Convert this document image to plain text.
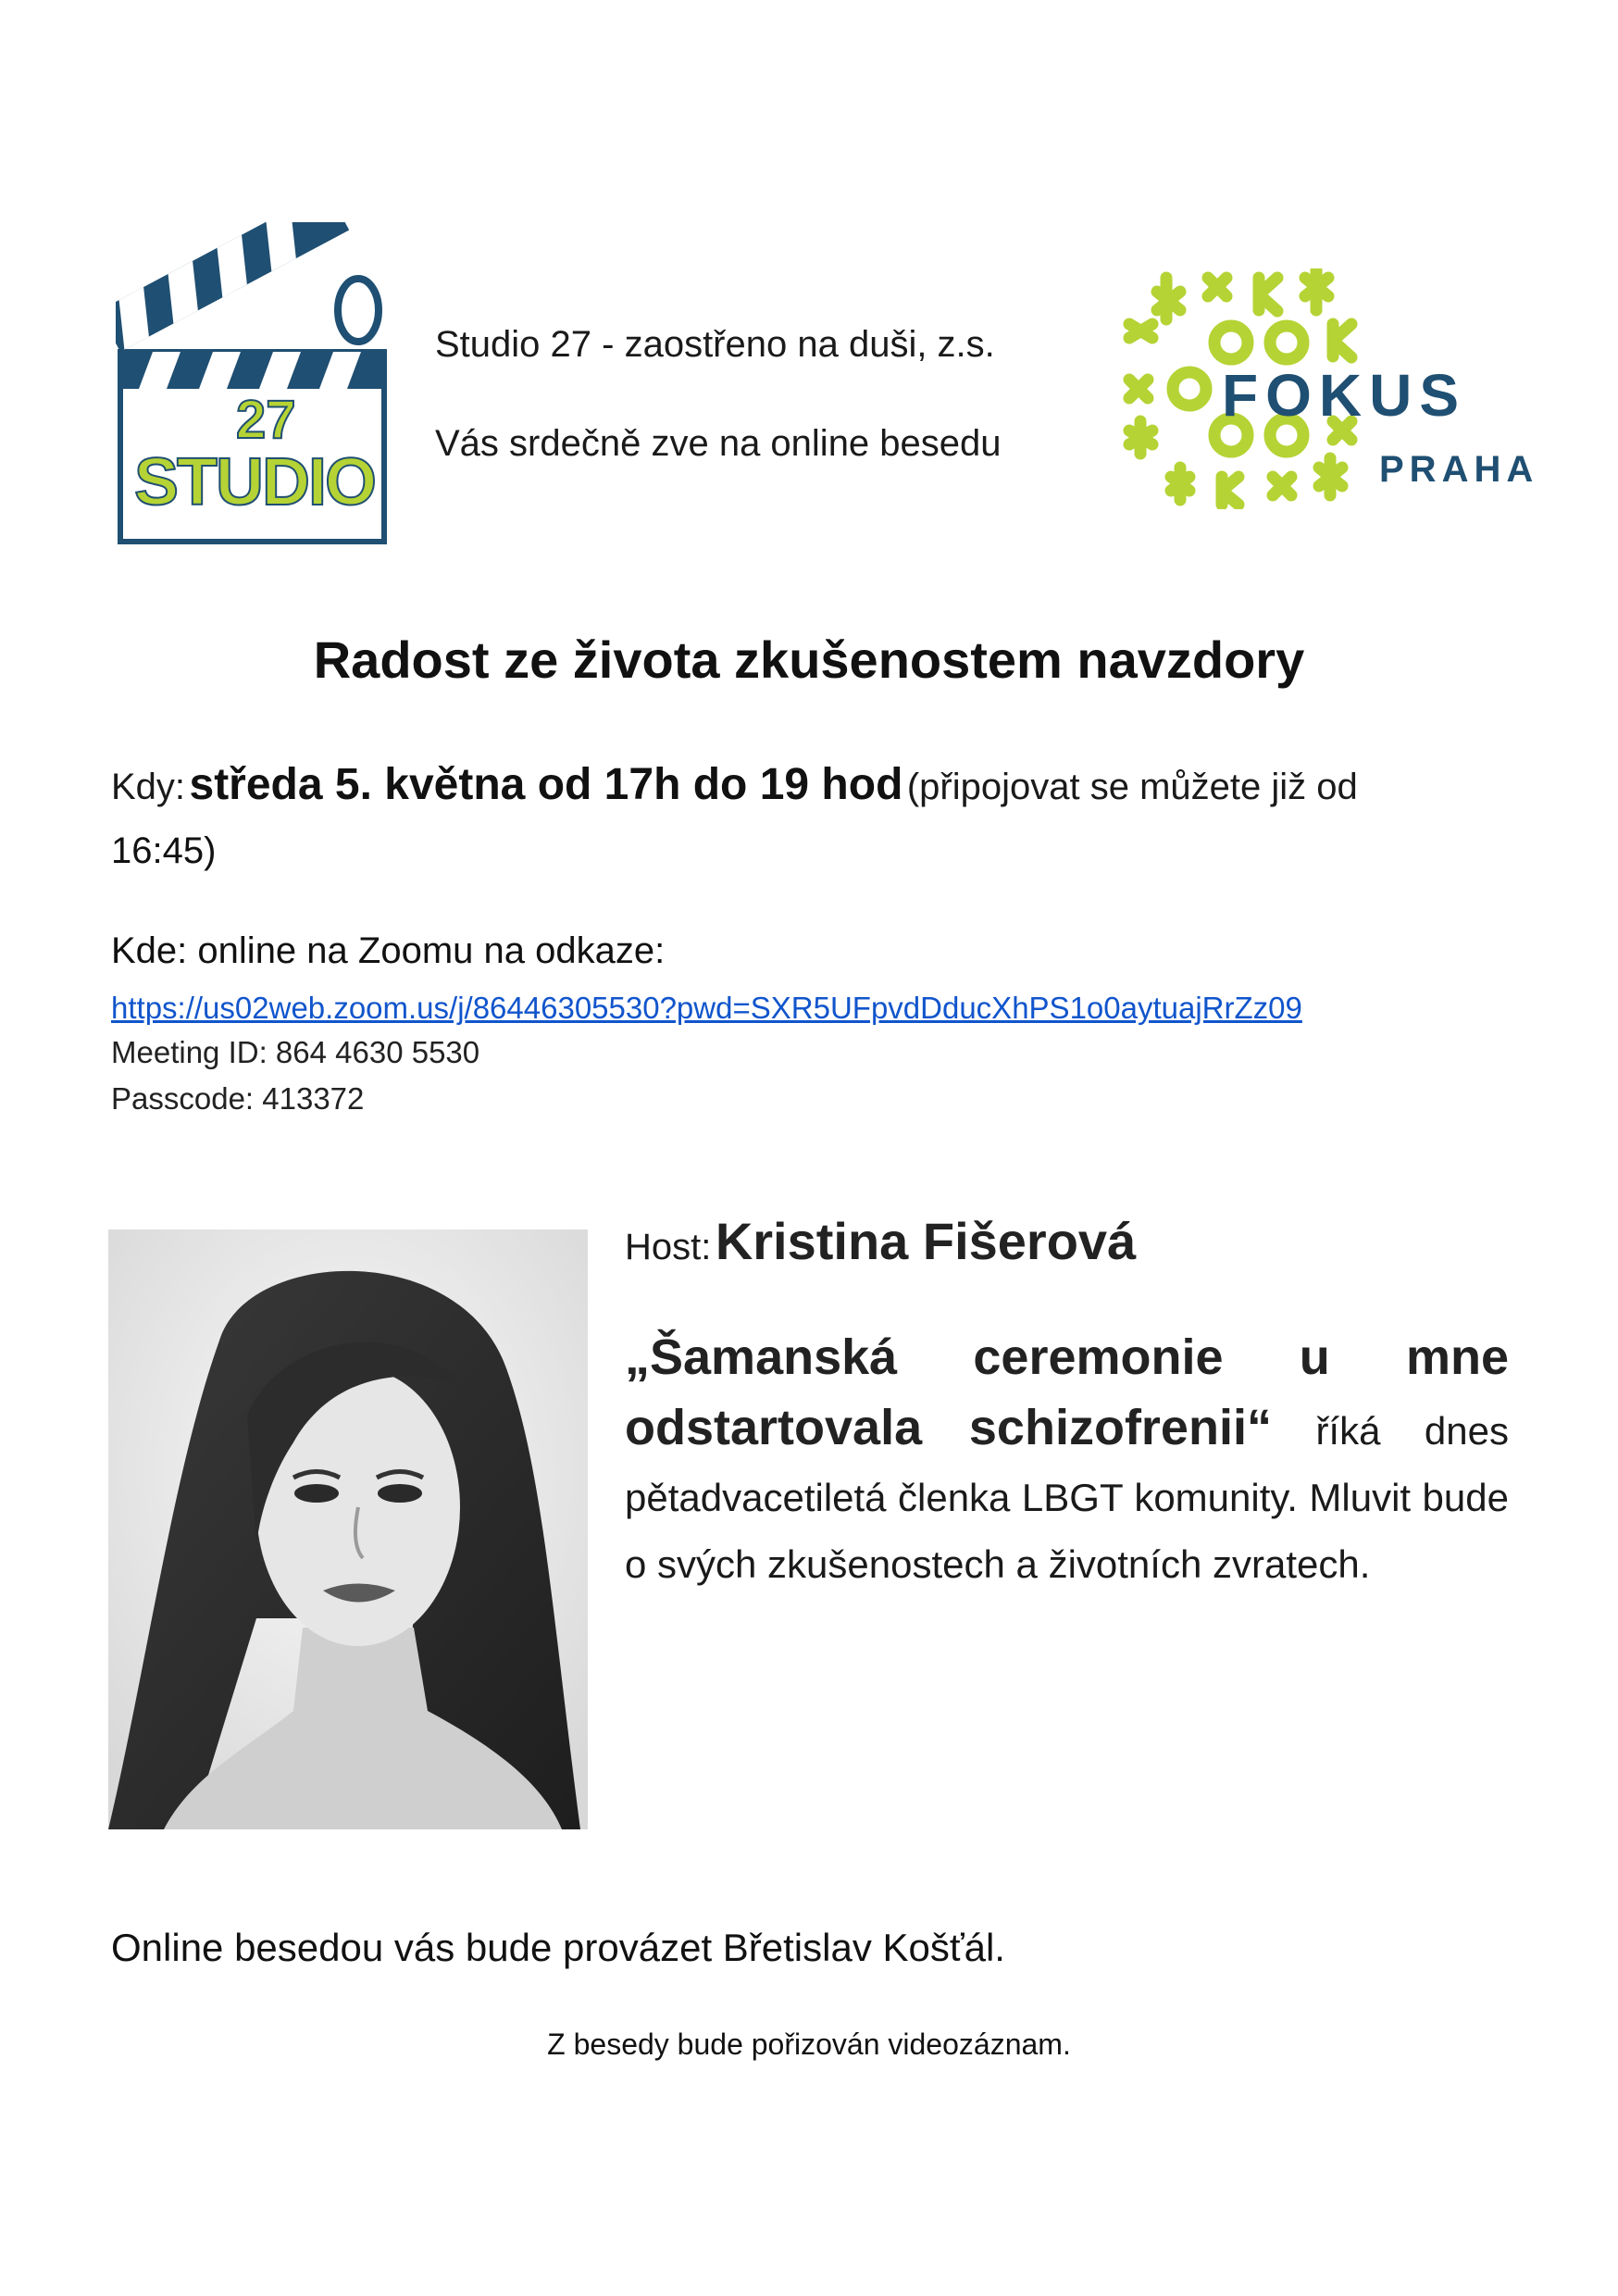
27
STUDIO
Studio 27 - zaostřeno na duši, z.s.
Vás srdečně zve na online besedu
FOKUS
PRAHA
Radost ze života zkušenostem navzdory
Kdy: středa 5. května od 17h do 19 hod (připojovat se můžete již od
16:45)
Kde: online na Zoomu na odkaze:
https://us02web.zoom.us/j/86446305530?pwd=SXR5UFpvdDducXhPS1o0aytuajRrZz09
Meeting ID: 864 4630 5530
Passcode: 413372
Host: Kristina Fišerová
„Šamanská ceremonie u mne odstartovala schizofrenii“ říká dnes pětadvacetiletá členka LBGT komunity. Mluvit bude o svých zkušenostech a životních zvratech.
Online besedou vás bude provázet Břetislav Košťál.
Z besedy bude pořizován videozáznam.
